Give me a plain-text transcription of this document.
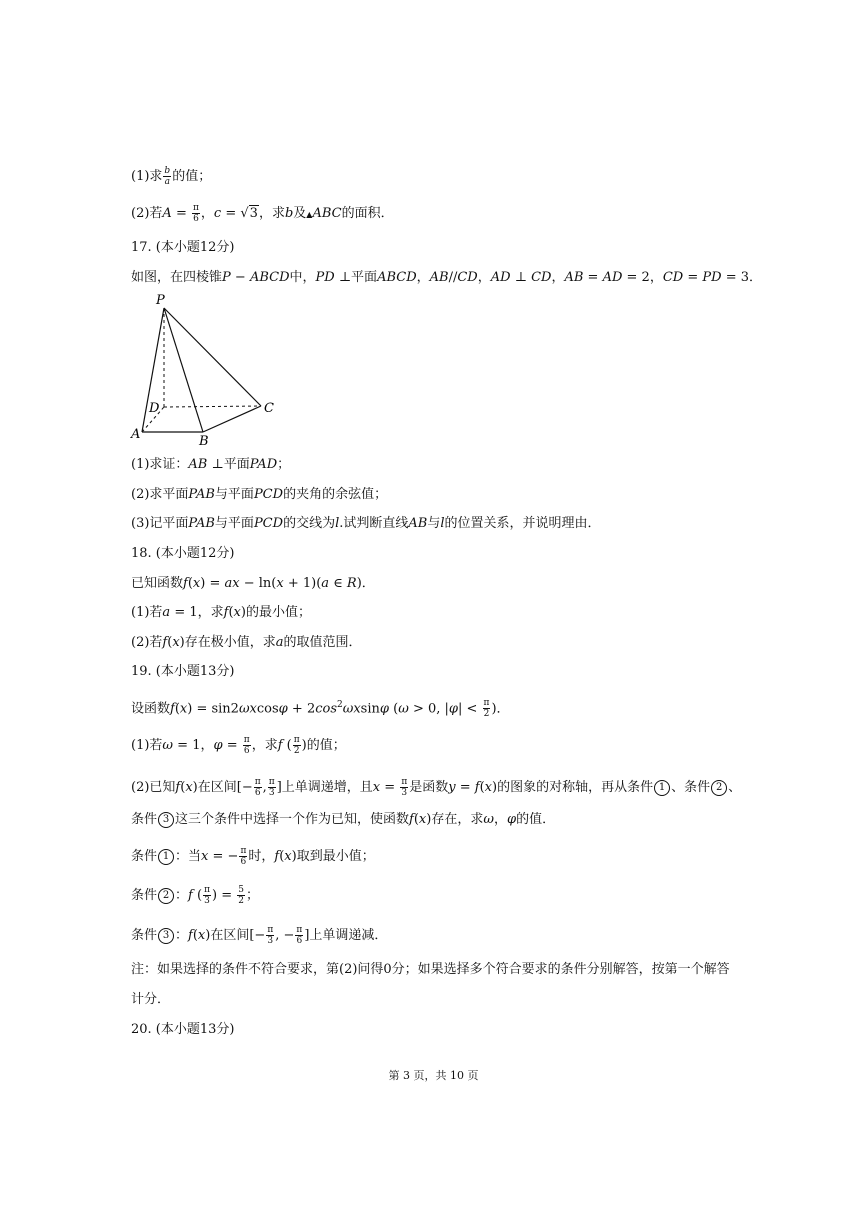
(1)求 $\frac{b}{a}$ 的值；
(2)若$A = \frac{\pi}{6}$ ，c = √3，求b及▲ABC的面积．
17. (本小题12分)
如图，在四棱锥P − ABCD中，PD ⊥平面ABCD，AB//CD，AD ⊥ CD，AB = AD = 2，CD = PD = 3．
P
D	C
A	B
(1)求证：AB ⊥平面PAD；
(2)求平面PAB与平面PCD的夹角的余弦值；
(3)记平面PAB与平面PCD的交线为l.试判断直线AB与l的位置关系，并说明理由．
18. (本小题12分)
已知函数f(x) = ax − ln(x + 1)(a ∈ R)．
(1)若a = 1，求f(x)的最小值；
(2)若f(x)存在极小值，求a的取值范围．
19. (本小题13分)
设函数$f(x) = \sin 2\omega xcos\varphi + 2\cos^2\omega xsin\varphi$ (ω > 0, $|\varphi| < \frac{\pi}{2}$ )．
(1)若ω = 1，$\varphi = \frac{\pi}{6}$ ，求f ( $\frac{\pi}{2}$ )的值；
(2)已知f(x)在区间[− $\frac{\pi}{6}$ , $\frac{\pi}{3}$ ]上单调递增，且$x = \frac{\pi}{3}$ 是函数y = f(x)的图象的对称轴，再从条件 1 、条件 2 、
条件 3 这三个条件中选择一个作为已知，使函数f(x)存在，求ω，φ的值．
条件 1 ：当x = − $\frac{\pi}{6}$ 时，f(x)取到最小值；
条件 2 ：f ( $\frac{\pi}{3}$ ) = $\frac{5}{2}$ ；
条件 3 ：f(x)在区间[− $\frac{\pi}{3}$ , − $\frac{\pi}{6}$ ]上单调递减．
注：如果选择的条件不符合要求，第(2)问得0分；如果选择多个符合要求的条件分别解答，按第一个解答
计分．
20. (本小题13分)
第 3 页，共 10 页
